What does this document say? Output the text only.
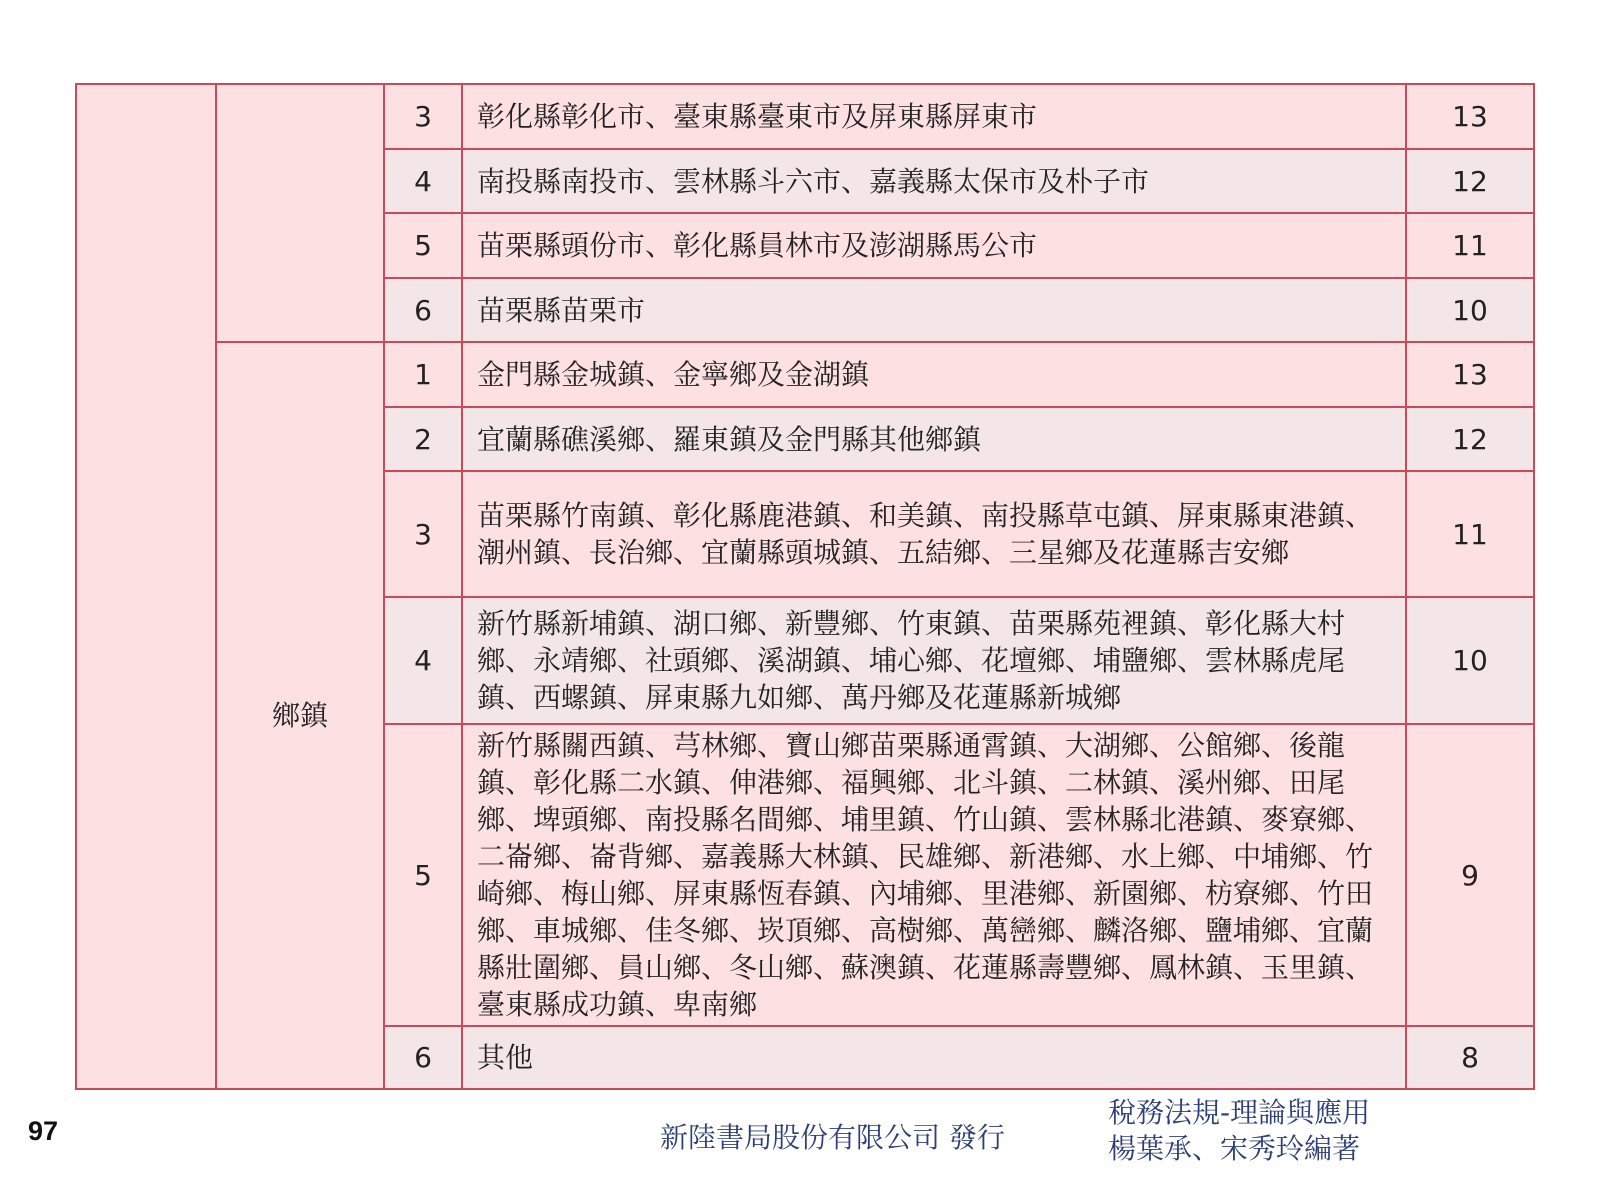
		3	彰化縣彰化市、臺東縣臺東市及屏東縣屏東市	13
		4	南投縣南投市、雲林縣斗六市、嘉義縣太保市及朴子市	12
		5	苗栗縣頭份市、彰化縣員林市及澎湖縣馬公市	11
		6	苗栗縣苗栗市	10
	鄉鎮	1	金門縣金城鎮、金寧鄉及金湖鎮	13
		2	宜蘭縣礁溪鄉、羅東鎮及金門縣其他鄉鎮	12
		3	苗栗縣竹南鎮、彰化縣鹿港鎮、和美鎮、南投縣草屯鎮、屏東縣東港鎮、潮州鎮、長治鄉、宜蘭縣頭城鎮、五結鄉、三星鄉及花蓮縣吉安鄉	11
		4	新竹縣新埔鎮、湖口鄉、新豐鄉、竹東鎮、苗栗縣苑裡鎮、彰化縣大村鄉、永靖鄉、社頭鄉、溪湖鎮、埔心鄉、花壇鄉、埔鹽鄉、雲林縣虎尾鎮、西螺鎮、屏東縣九如鄉、萬丹鄉及花蓮縣新城鄉	10
		5	新竹縣關西鎮、芎林鄉、寶山鄉苗栗縣通霄鎮、大湖鄉、公館鄉、後龍鎮、彰化縣二水鎮、伸港鄉、福興鄉、北斗鎮、二林鎮、溪州鄉、田尾鄉、埤頭鄉、南投縣名間鄉、埔里鎮、竹山鎮、雲林縣北港鎮、麥寮鄉、二崙鄉、崙背鄉、嘉義縣大林鎮、民雄鄉、新港鄉、水上鄉、中埔鄉、竹崎鄉、梅山鄉、屏東縣恆春鎮、內埔鄉、里港鄉、新園鄉、枋寮鄉、竹田鄉、車城鄉、佳冬鄉、崁頂鄉、高樹鄉、萬巒鄉、麟洛鄉、鹽埔鄉、宜蘭縣壯圍鄉、員山鄉、冬山鄉、蘇澳鎮、花蓮縣壽豐鄉、鳳林鎮、玉里鎮、臺東縣成功鎮、卑南鄉	9
		6	其他	8
97	新陸書局股份有限公司 發行
稅務法規-理論與應用
楊葉承、宋秀玲編著
